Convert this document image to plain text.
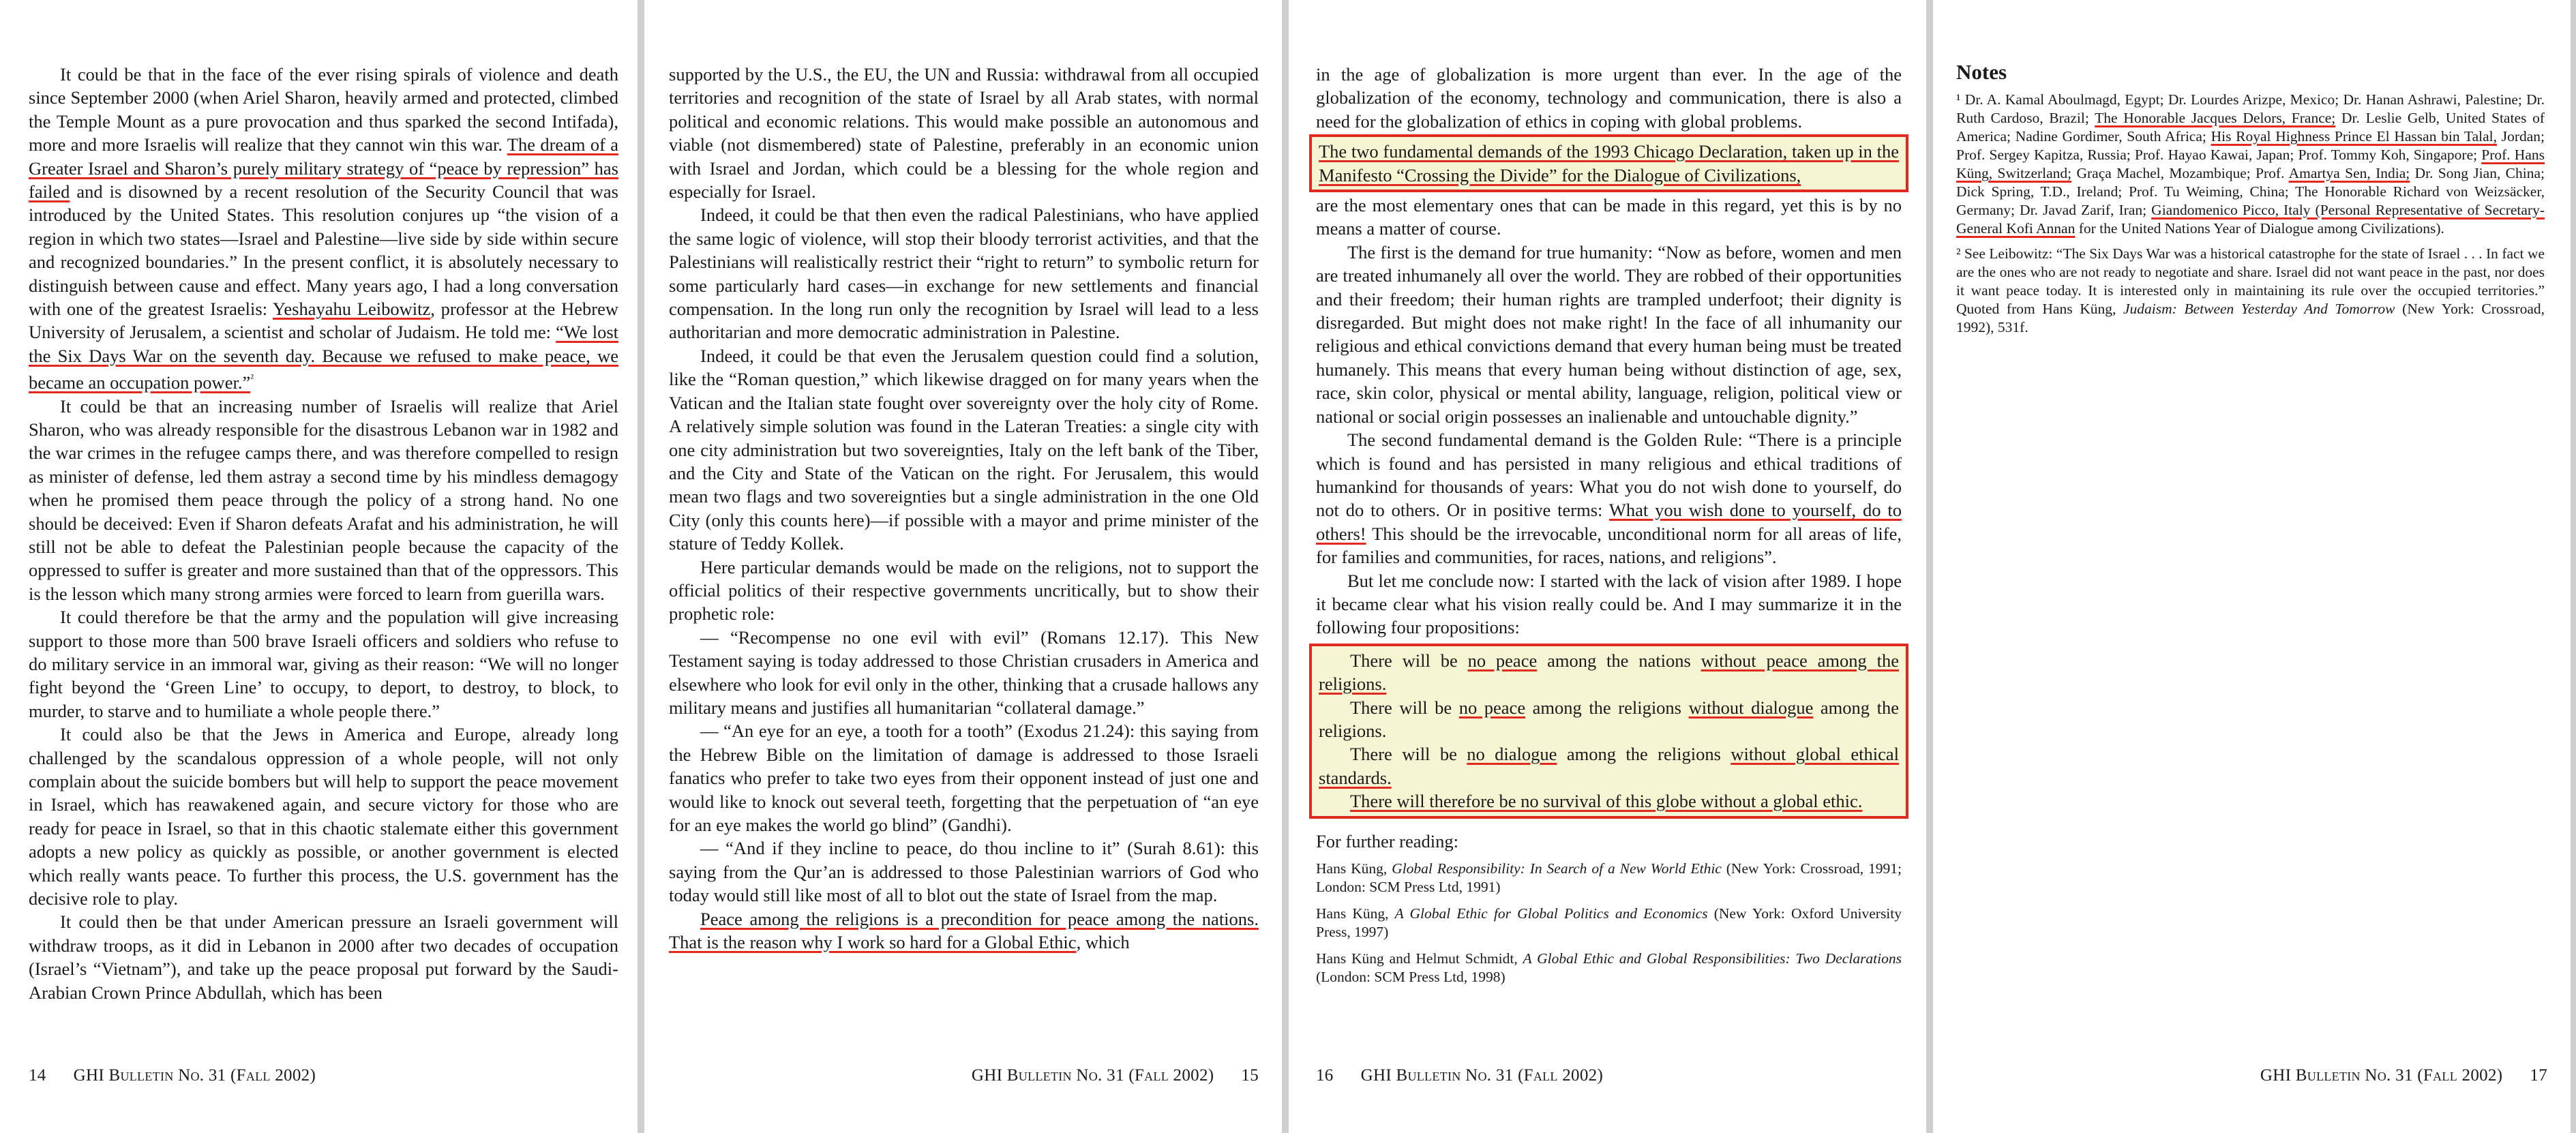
It could be that in the face of the ever rising spirals of violence and death since September 2000 (when Ariel Sharon, heavily armed and protected, climbed the Temple Mount as a pure provocation and thus sparked the second Intifada), more and more Israelis will realize that they cannot win this war. The dream of a Greater Israel and Sharon’s purely military strategy of “peace by repression” has failed and is disowned by a recent resolution of the Security Council that was introduced by the United States. This resolution conjures up “the vision of a region in which two states—Israel and Palestine—live side by side within secure and recognized boundaries.” In the present conflict, it is absolutely necessary to distinguish between cause and effect. Many years ago, I had a long conversation with one of the greatest Israelis: Yeshayahu Leibowitz, professor at the Hebrew University of Jerusalem, a scientist and scholar of Judaism. He told me: “We lost the Six Days War on the seventh day. Because we refused to make peace, we became an occupation power.”$^{^2}$

It could be that an increasing number of Israelis will realize that Ariel Sharon, who was already responsible for the disastrous Lebanon war in 1982 and the war crimes in the refugee camps there, and was therefore compelled to resign as minister of defense, led them astray a second time by his mindless demagogy when he promised them peace through the policy of a strong hand. No one should be deceived: Even if Sharon defeats Arafat and his administration, he will still not be able to defeat the Palestinian people because the capacity of the oppressed to suffer is greater and more sustained than that of the oppressors. This is the lesson which many strong armies were forced to learn from guerilla wars.

It could therefore be that the army and the population will give increasing support to those more than 500 brave Israeli officers and soldiers who refuse to do military service in an immoral war, giving as their reason: “We will no longer fight beyond the ‘Green Line’ to occupy, to deport, to destroy, to block, to murder, to starve and to humiliate a whole people there.”

It could also be that the Jews in America and Europe, already long challenged by the scandalous oppression of a whole people, will not only complain about the suicide bombers but will help to support the peace movement in Israel, which has reawakened again, and secure victory for those who are ready for peace in Israel, so that in this chaotic stalemate either this government adopts a new policy as quickly as possible, or another government is elected which really wants peace. To further this process, the U.S. government has the decisive role to play.

It could then be that under American pressure an Israeli government will withdraw troops, as it did in Lebanon in 2000 after two decades of occupation (Israel’s “Vietnam”), and take up the peace proposal put forward by the Saudi-Arabian Crown Prince Abdullah, which has been

14 GHI Bulletin No. 31 (Fall 2002)

supported by the U.S., the EU, the UN and Russia: withdrawal from all occupied territories and recognition of the state of Israel by all Arab states, with normal political and economic relations. This would make possible an autonomous and viable (not dismembered) state of Palestine, preferably in an economic union with Israel and Jordan, which could be a blessing for the whole region and especially for Israel.

Indeed, it could be that then even the radical Palestinians, who have applied the same logic of violence, will stop their bloody terrorist activities, and that the Palestinians will realistically restrict their “right to return” to symbolic return for some particularly hard cases—in exchange for new settlements and financial compensation. In the long run only the recognition by Israel will lead to a less authoritarian and more democratic administration in Palestine.

Indeed, it could be that even the Jerusalem question could find a solution, like the “Roman question,” which likewise dragged on for many years when the Vatican and the Italian state fought over sovereignty over the holy city of Rome. A relatively simple solution was found in the Lateran Treaties: a single city with one city administration but two sovereignties, Italy on the left bank of the Tiber, and the City and State of the Vatican on the right. For Jerusalem, this would mean two flags and two sovereignties but a single administration in the one Old City (only this counts here)—if possible with a mayor and prime minister of the stature of Teddy Kollek.

Here particular demands would be made on the religions, not to support the official politics of their respective governments uncritically, but to show their prophetic role:

— “Recompense no one evil with evil” (Romans 12.17). This New Testament saying is today addressed to those Christian crusaders in America and elsewhere who look for evil only in the other, thinking that a crusade hallows any military means and justifies all humanitarian “collateral damage.”

— “An eye for an eye, a tooth for a tooth” (Exodus 21.24): this saying from the Hebrew Bible on the limitation of damage is addressed to those Israeli fanatics who prefer to take two eyes from their opponent instead of just one and would like to knock out several teeth, forgetting that the perpetuation of “an eye for an eye makes the world go blind” (Gandhi).

— “And if they incline to peace, do thou incline to it” (Surah 8.61): this saying from the Qur’an is addressed to those Palestinian warriors of God who today would still like most of all to blot out the state of Israel from the map.

Peace among the religions is a precondition for peace among the nations. That is the reason why I work so hard for a Global Ethic, which

GHI Bulletin No. 31 (Fall 2002) 15

in the age of globalization is more urgent than ever. In the age of the globalization of the economy, technology and communication, there is also a need for the globalization of ethics in coping with global problems.

The two fundamental demands of the 1993 Chicago Declaration, taken up in the Manifesto “Crossing the Divide” for the Dialogue of Civilizations,

are the most elementary ones that can be made in this regard, yet this is by no means a matter of course.

The first is the demand for true humanity: “Now as before, women and men are treated inhumanely all over the world. They are robbed of their opportunities and their freedom; their human rights are trampled underfoot; their dignity is disregarded. But might does not make right! In the face of all inhumanity our religious and ethical convictions demand that every human being must be treated humanely. This means that every human being without distinction of age, sex, race, skin color, physical or mental ability, language, religion, political view or national or social origin possesses an inalienable and untouchable dignity.”

The second fundamental demand is the Golden Rule: “There is a principle which is found and has persisted in many religious and ethical traditions of humankind for thousands of years: What you do not wish done to yourself, do not do to others. Or in positive terms: What you wish done to yourself, do to others! This should be the irrevocable, unconditional norm for all areas of life, for families and communities, for races, nations, and religions”.

But let me conclude now: I started with the lack of vision after 1989. I hope it became clear what his vision really could be. And I may summarize it in the following four propositions:

There will be no peace among the nations without peace among the religions.

There will be no peace among the religions without dialogue among the religions.

There will be no dialogue among the religions without global ethical standards.

There will therefore be no survival of this globe without a global ethic.

For further reading:
Hans Küng, Global Responsibility: In Search of a New World Ethic (New York: Crossroad, 1991; London: SCM Press Ltd, 1991)
Hans Küng, A Global Ethic for Global Politics and Economics (New York: Oxford University Press, 1997)
Hans Küng and Helmut Schmidt, A Global Ethic and Global Responsibilities: Two Declarations (London: SCM Press Ltd, 1998)
16 GHI Bulletin No. 31 (Fall 2002)
Notes

¹ Dr. A. Kamal Aboulmagd, Egypt; Dr. Lourdes Arizpe, Mexico; Dr. Hanan Ashrawi, Palestine; Dr. Ruth Cardoso, Brazil; The Honorable Jacques Delors, France; Dr. Leslie Gelb, United States of America; Nadine Gordimer, South Africa; His Royal Highness Prince El Hassan bin Talal, Jordan; Prof. Sergey Kapitza, Russia; Prof. Hayao Kawai, Japan; Prof. Tommy Koh, Singapore; Prof. Hans Küng, Switzerland; Graça Machel, Mozambique; Prof. Amartya Sen, India; Dr. Song Jian, China; Dick Spring, T.D., Ireland; Prof. Tu Weiming, China; The Honorable Richard von Weizsäcker, Germany; Dr. Javad Zarif, Iran; Giandomenico Picco, Italy (Personal Representative of Secretary-General Kofi Annan for the United Nations Year of Dialogue among Civilizations).

² See Leibowitz: “The Six Days War was a historical catastrophe for the state of Israel . . . In fact we are the ones who are not ready to negotiate and share. Israel did not want peace in the past, nor does it want peace today. It is interested only in maintaining its rule over the occupied territories.” Quoted from Hans Küng, Judaism: Between Yesterday And Tomorrow (New York: Crossroad, 1992), 531f.

GHI Bulletin No. 31 (Fall 2002) 17
